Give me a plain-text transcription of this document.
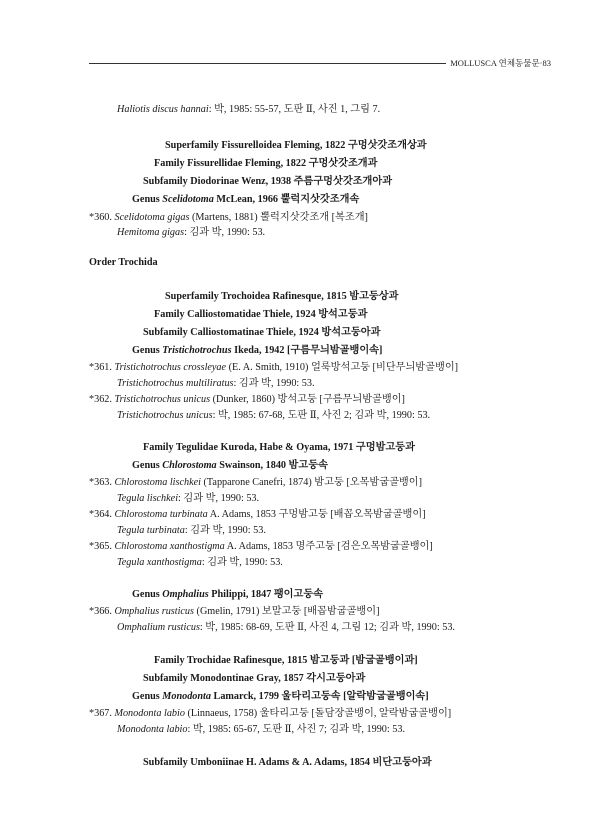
MOLLUSCA 연체동물문·83
Haliotis discus hannai: 박, 1985: 55-57, 도판 Ⅱ, 사진 1, 그림 7.
Superfamily Fissurelloidea Fleming, 1822 구멍삿갓조개상과
Family Fissurellidae Fleming, 1822 구멍삿갓조개과
Subfamily Diodorinae Wenz, 1938 주름구멍삿갓조개아과
Genus Scelidotoma McLean, 1966 뿔럭지삿갓조개속
*360. Scelidotoma gigas (Martens, 1881) 뿔럭지삿갓조개 [복조개]
Hemitoma gigas: 김과 박, 1990: 53.
Order Trochida
Superfamily Trochoidea Rafinesque, 1815 밤고둥상과
Family Calliostomatidae Thiele, 1924 방석고둥과
Subfamily Calliostomatinae Thiele, 1924 방석고둥아과
Genus Tristichotrochus Ikeda, 1942 [구름무늬밤골뱅이속]
*361. Tristichotrochus crossleyae (E. A. Smith, 1910) 얼룩방석고둥 [비단무늬밤골뱅이]
Tristichotrochus multiliratus: 김과 박, 1990: 53.
*362. Tristichotrochus unicus (Dunker, 1860) 방석고둥 [구름무늬밤골뱅이]
Tristichotrochus unicus: 박, 1985: 67-68, 도판 Ⅱ, 사진 2; 김과 박, 1990: 53.
Family Tegulidae Kuroda, Habe & Oyama, 1971 구멍밤고둥과
Genus Chlorostoma Swainson, 1840 밤고둥속
*363. Chlorostoma lischkei (Tapparone Canefri, 1874) 밤고둥 [오목밤굽골뱅이]
Tegula lischkei: 김과 박, 1990: 53.
*364. Chlorostoma turbinata A. Adams, 1853 구멍밤고둥 [배꼽오목밤굽골뱅이]
Tegula turbinata: 김과 박, 1990: 53.
*365. Chlorostoma xanthostigma A. Adams, 1853 명주고둥 [검은오목밤굽골뱅이]
Tegula xanthostigma: 김과 박, 1990: 53.
Genus Omphalius Philippi, 1847 팽이고둥속
*366. Omphalius rusticus (Gmelin, 1791) 보말고둥 [배꼽밤굽골뱅이]
Omphalium rusticus: 박, 1985: 68-69, 도판 Ⅱ, 사진 4, 그림 12; 김과 박, 1990: 53.
Family Trochidae Rafinesque, 1815 밤고둥과 [밤굽골뱅이과]
Subfamily Monodontinae Gray, 1857 각시고둥아과
Genus Monodonta Lamarck, 1799 울타리고둥속 [알락밤굽골뱅이속]
*367. Monodonta labio (Linnaeus, 1758) 울타리고둥 [돌담장골뱅이, 알락밤굽골뱅이]
Monodonta labio: 박, 1985: 65-67, 도판 Ⅱ, 사진 7; 김과 박, 1990: 53.
Subfamily Umboniinae H. Adams & A. Adams, 1854 비단고둥아과
